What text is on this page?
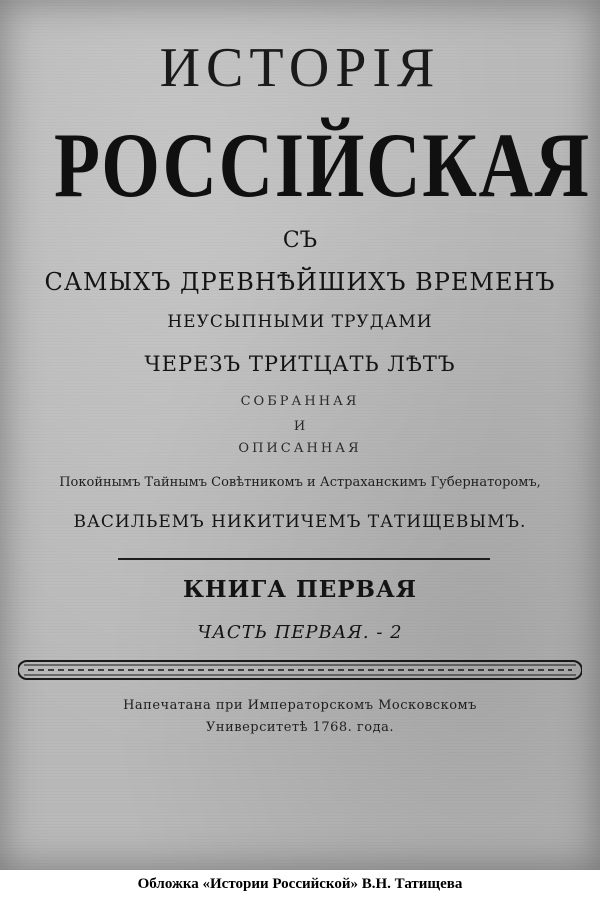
ИСТОРІЯ
РОССІЙСКАЯ
СЪ
САМЫХЪ ДРЕВНѢЙШИХЪ ВРЕМЕНЪ
НЕУСЫПНЫМИ ТРУДАМИ
ЧЕРЕЗЪ ТРИТЦАТЬ ЛѢТЪ
СОБРАННАЯ
И
ОПИСАННАЯ
Покойнымъ Тайнымъ Совѣтникомъ и Астраханскимъ Губернаторомъ,
ВАСИЛЬЕМЪ НИКИТИЧЕМЪ ТАТИЩЕВЫМЪ.
КНИГА ПЕРВАЯ
ЧАСТЬ ПЕРВАЯ. - 2
Напечатана при Императорскомъ Московскомъ
Университетѣ 1768. года.
Обложка «Истории Российской» В.Н. Татищева
